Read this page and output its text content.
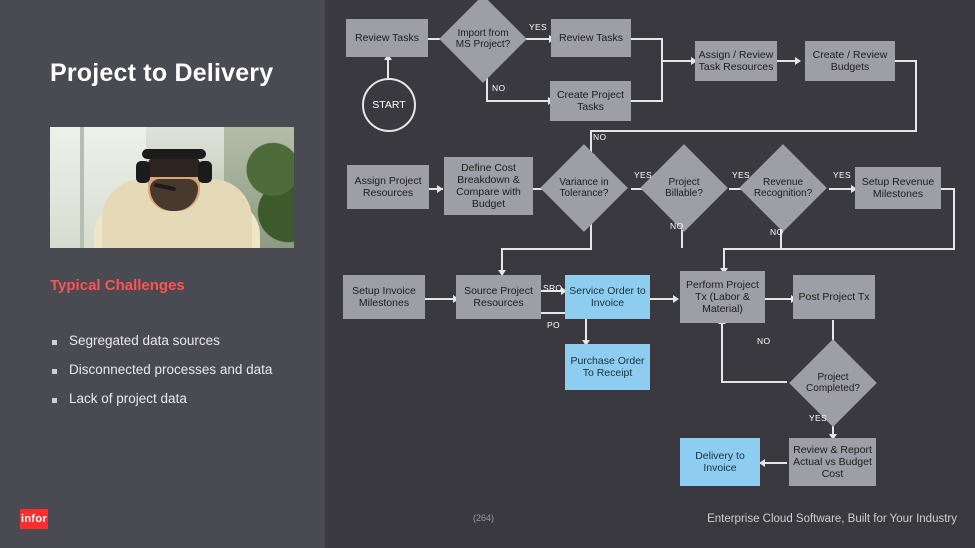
Project to Delivery
Typical Challenges
Segregated data sources
Disconnected processes and data
Lack of project data
infor
START
Review Tasks	Import from MS Project?
Review Tasks
Create Project Tasks
Assign / Review Task Resources
Create / Review Budgets
Assign Project Resources
Define Cost Breakdown & Compare with Budget
Variance in Tolerance?
Project Billable?
Revenue Recognition?
Setup Revenue Milestones
Setup Invoice Milestones
Source Project Resources
Service Order to Invoice
Perform Project Tx (Labor & Material)
Post Project Tx
Purchase Order To Receipt	Project Completed?
Review & Report Actual vs Budget Cost
Delivery to Invoice
YES
NO
NO
YES	YES	YES
NO
NO
SRO
PO
NO
YES
(264)	Enterprise Cloud Software, Built for Your Industry
